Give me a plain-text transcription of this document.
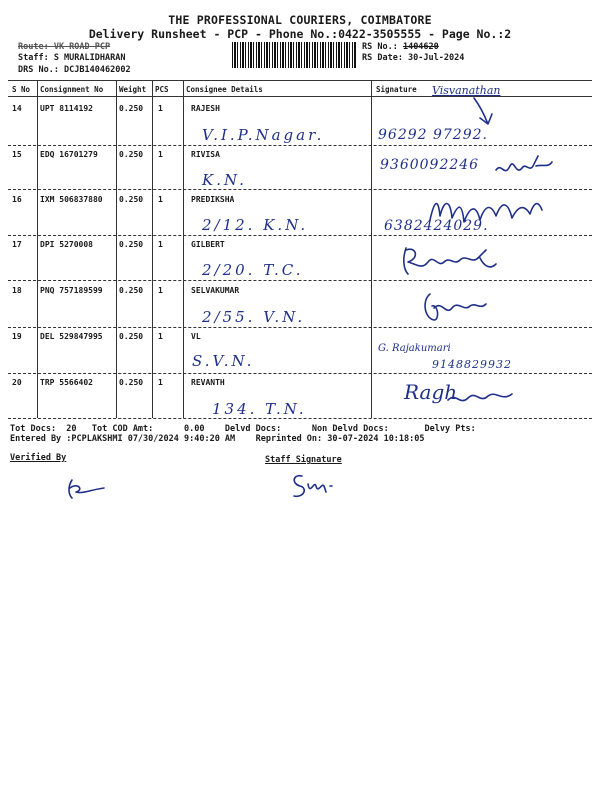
THE PROFESSIONAL COURIERS, COIMBATORE
Delivery Runsheet - PCP - Phone No.:0422-3505555 - Page No.:2
Route: VK ROAD PCP
Staff: S MURALIDHARAN
DRS No.: DCJB140462002
RS No.: 1404620
RS Date: 30-Jul-2024
S No Consignment No Weight PCS Consignee Details	Signature
14 UPT 8114192	0.250 1	RAJESH
V.I.P.Nagar.
Visvanathan
96292 97292.
15 EDQ 16701279	0.250 1	RIVISA
K.N.
9360092246
16 IXM 506837880 0.250 1	PREDIKSHA
2/12. K.N.	6382424029.
17 DPI 5270008	0.250 1	GILBERT
2/20. T.C.
18 PNQ 757189599 0.250 1	SELVAKUMAR
2/55. V.N.
19 DEL 529847995 0.250 1	VL
S.V.N.
G. Rajakumari
9148829932
20 TRP 5566402	0.250 1	REVANTH
134. T.N.
Ragh
Tot Docs:  20   Tot COD Amt:      0.00    Delvd Docs:      Non Delvd Docs:       Delvy Pts:
Entered By :PCPLAKSHMI 07/30/2024 9:40:20 AM    Reprinted On: 30-07-2024 10:18:05
Verified By	Staff Signature
